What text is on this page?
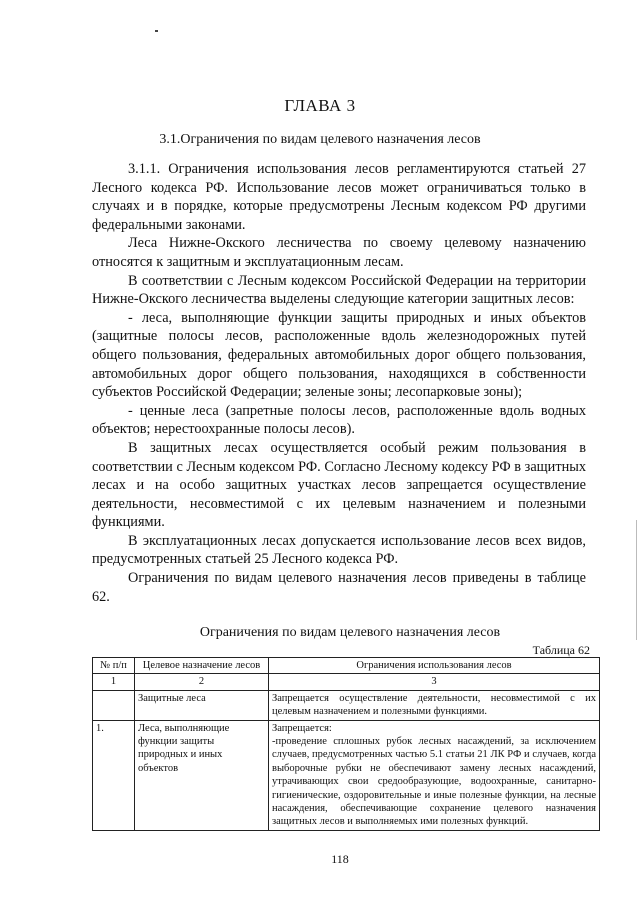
ГЛАВА 3
3.1.Ограничения по видам целевого назначения лесов

3.1.1. Ограничения использования лесов регламентируются статьей 27 Лесного кодекса РФ. Использование лесов может ограничиваться только в случаях и в порядке, которые предусмотрены Лесным кодексом РФ другими федеральными законами.

Леса Нижне-Окского лесничества по своему целевому назначению относятся к защитным и эксплуатационным лесам.

В соответствии с Лесным кодексом Российской Федерации на территории Нижне-Окского лесничества выделены следующие категории защитных лесов:

- леса, выполняющие функции защиты природных и иных объектов (защитные полосы лесов, расположенные вдоль железнодорожных путей общего пользования, федеральных автомобильных дорог общего пользования, автомобильных дорог общего пользования, находящихся в собственности субъектов Российской Федерации; зеленые зоны; лесопарковые зоны);

- ценные леса (запретные полосы лесов, расположенные вдоль водных объектов; нерестоохранные полосы лесов).

В защитных лесах осуществляется особый режим пользования в соответствии с Лесным кодексом РФ. Согласно Лесному кодексу РФ в защитных лесах и на особо защитных участках лесов запрещается осуществление деятельности, несовместимой с их целевым назначением и полезными функциями.

В эксплуатационных лесах допускается использование лесов всех видов, предусмотренных статьей 25 Лесного кодекса РФ.

Ограничения по видам целевого назначения лесов приведены в таблице 62.

Ограничения по видам целевого назначения лесов
Таблица 62
№ п/п	Целевое назначение лесов	Ограничения использования лесов
1	2	3
	Защитные леса	Запрещается осуществление деятельности, несовместимой с их целевым назначением и полезными функциями.
1.	Леса, выполняющие функции защиты природных и иных объектов	Запрещается:
-проведение сплошных рубок лесных насаждений, за исключением случаев, предусмотренных частью 5.1 статьи 21 ЛК РФ и случаев, когда выборочные рубки не обеспечивают замену лесных насаждений, утрачивающих свои средообразующие, водоохранные, санитарно-гигиенические, оздоровительные и иные полезные функции, на лесные насаждения, обеспечивающие сохранение целевого назначения защитных лесов и выполняемых ими полезных функций.
118
